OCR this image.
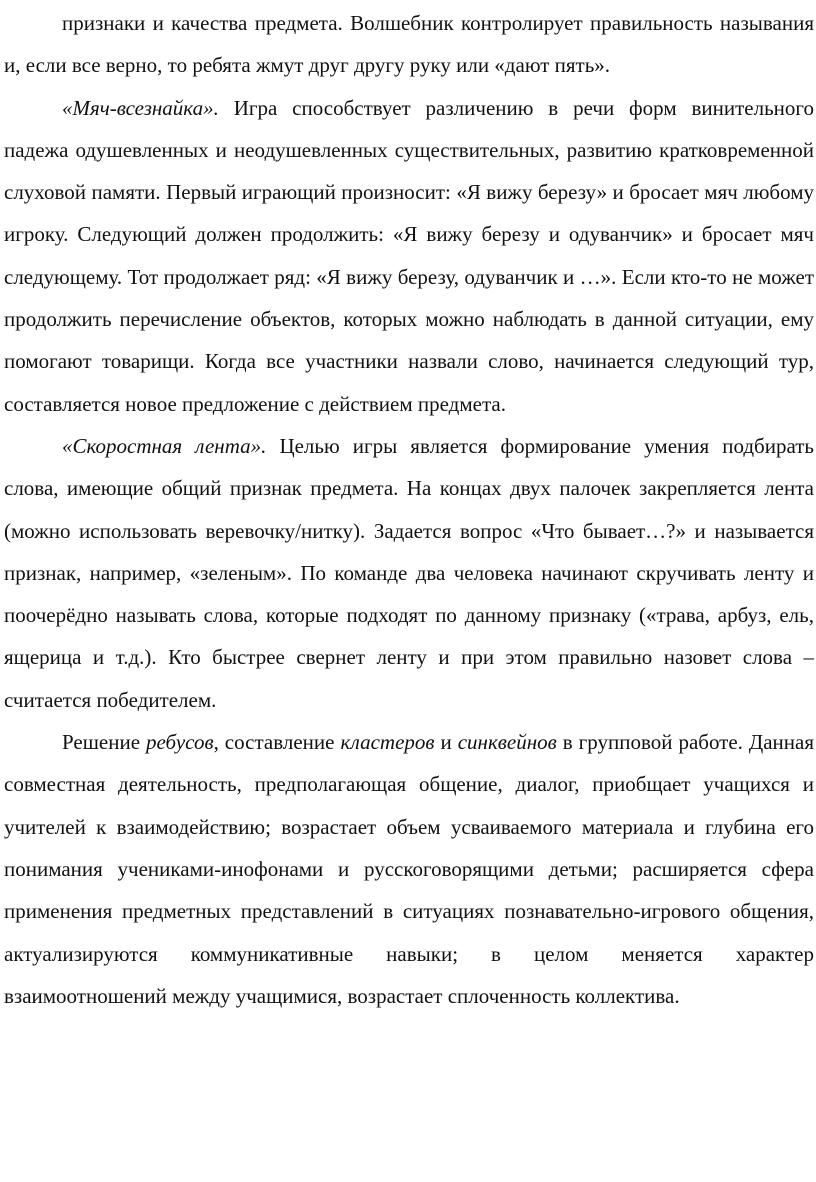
признаки и качества предмета. Волшебник контролирует правильность называния и, если все верно, то ребята жмут друг другу руку или «дают пять».

«Мяч-всезнайка». Игра способствует различению в речи форм винительного падежа одушевленных и неодушевленных существительных, развитию кратковременной слуховой памяти. Первый играющий произносит: «Я вижу березу» и бросает мяч любому игроку. Следующий должен продолжить: «Я вижу березу и одуванчик» и бросает мяч следующему. Тот продолжает ряд: «Я вижу березу, одуванчик и …». Если кто-то не может продолжить перечисление объектов, которых можно наблюдать в данной ситуации, ему помогают товарищи. Когда все участники назвали слово, начинается следующий тур, составляется новое предложение с действием предмета.

«Скоростная лента». Целью игры является формирование умения подбирать слова, имеющие общий признак предмета. На концах двух палочек закрепляется лента (можно использовать веревочку/нитку). Задается вопрос «Что бывает…?» и называется признак, например, «зеленым». По команде два человека начинают скручивать ленту и поочерёдно называть слова, которые подходят по данному признаку («трава, арбуз, ель, ящерица и т.д.). Кто быстрее свернет ленту и при этом правильно назовет слова – считается победителем.

Решение ребусов, составление кластеров и синквейнов в групповой работе. Данная совместная деятельность, предполагающая общение, диалог, приобщает учащихся и учителей к взаимодействию; возрастает объем усваиваемого материала и глубина его понимания учениками-инофонами и русскоговорящими детьми; расширяется сфера применения предметных представлений в ситуациях познавательно-игрового общения, актуализируются коммуникативные навыки; в целом меняется характер взаимоотношений между учащимися, возрастает сплоченность коллектива.
